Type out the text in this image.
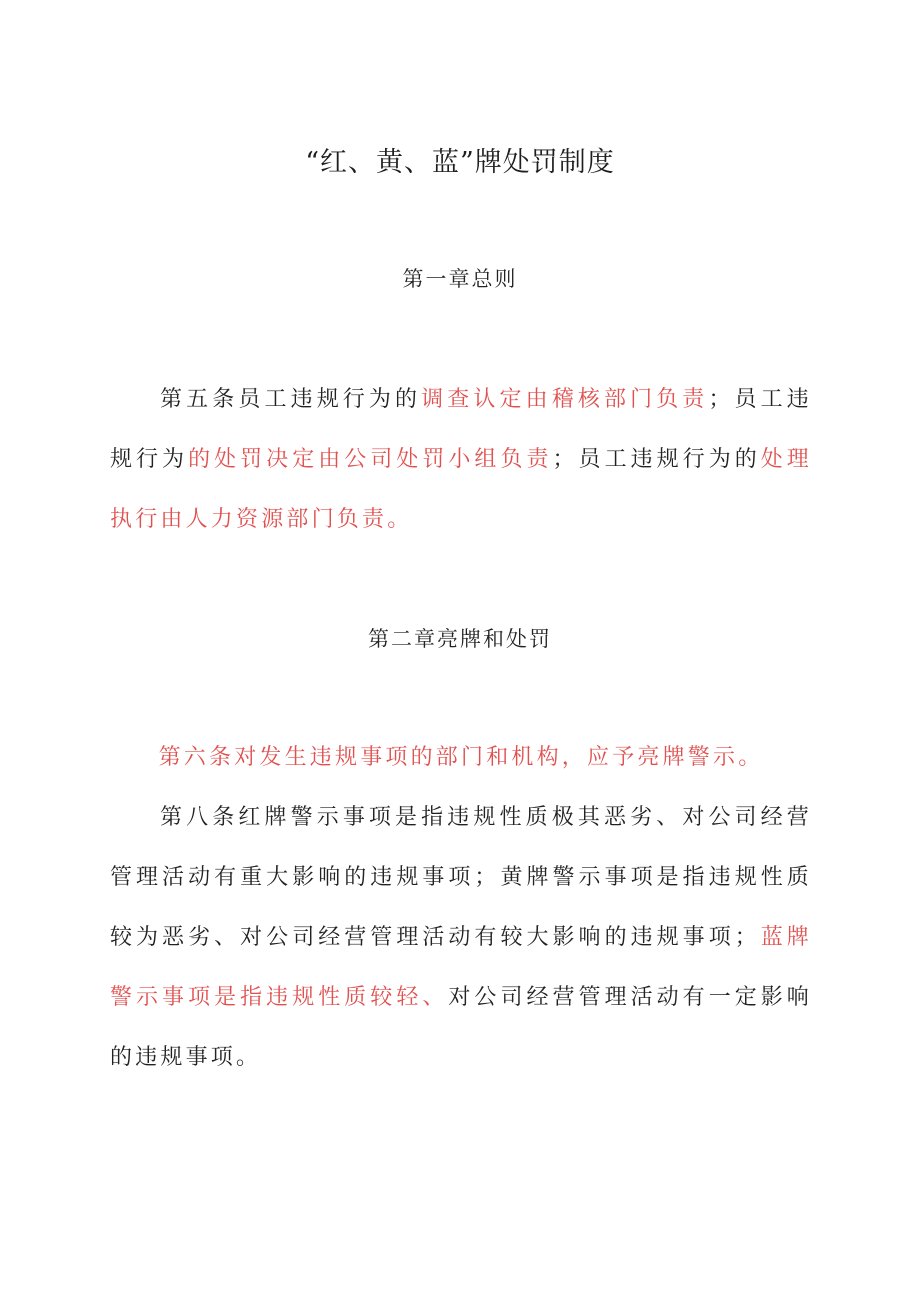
“红、黄、蓝”牌处罚制度
第一章总则

第五条员工违规行为的调查认定由稽核部门负责；员工违规行为的处罚决定由公司处罚小组负责；员工违规行为的处理执行由人力资源部门负责。

第二章亮牌和处罚

第六条对发生违规事项的部门和机构，应予亮牌警示。

第八条红牌警示事项是指违规性质极其恶劣、对公司经营管理活动有重大影响的违规事项；黄牌警示事项是指违规性质较为恶劣、对公司经营管理活动有较大影响的违规事项；蓝牌警示事项是指违规性质较轻、对公司经营管理活动有一定影响的违规事项。
